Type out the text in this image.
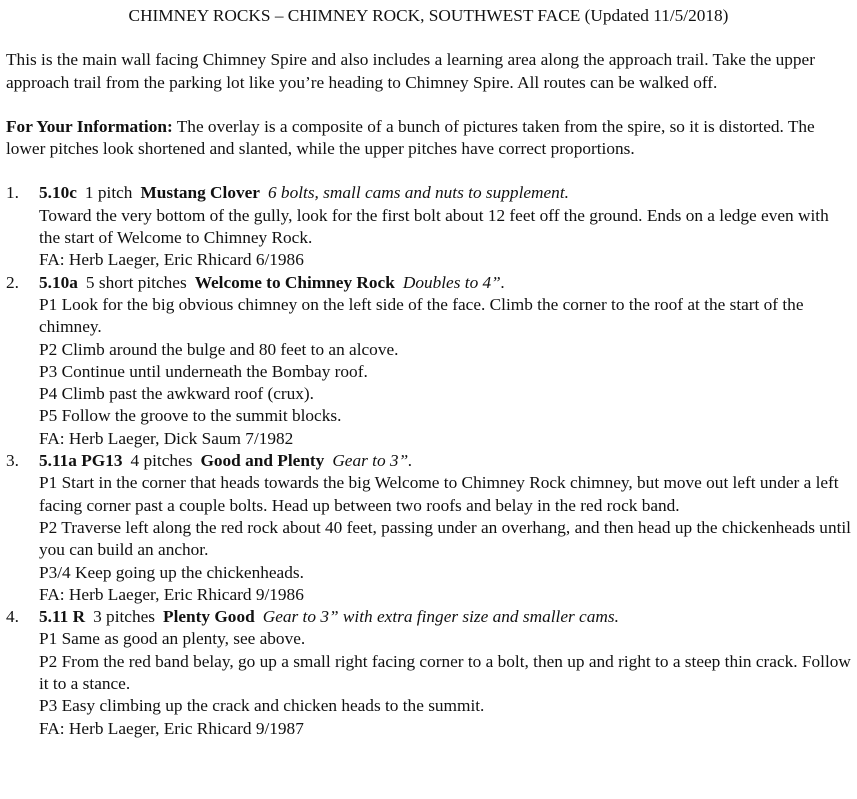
CHIMNEY ROCKS – CHIMNEY ROCK, SOUTHWEST FACE (Updated 11/5/2018)
This is the main wall facing Chimney Spire and also includes a learning area along the approach trail. Take the upper approach trail from the parking lot like you’re heading to Chimney Spire. All routes can be walked off.
For Your Information: The overlay is a composite of a bunch of pictures taken from the spire, so it is distorted. The lower pitches look shortened and slanted, while the upper pitches have correct proportions.
1.	5.10c 1 pitch Mustang Clover 6 bolts, small cams and nuts to supplement.
Toward the very bottom of the gully, look for the first bolt about 12 feet off the ground. Ends on a ledge even with the start of Welcome to Chimney Rock.
FA: Herb Laeger, Eric Rhicard 6/1986
2.	5.10a 5 short pitches Welcome to Chimney Rock Doubles to 4”.
P1 Look for the big obvious chimney on the left side of the face. Climb the corner to the roof at the start of the chimney.
P2 Climb around the bulge and 80 feet to an alcove.
P3 Continue until underneath the Bombay roof.
P4 Climb past the awkward roof (crux).
P5 Follow the groove to the summit blocks.
FA: Herb Laeger, Dick Saum 7/1982
3.	5.11a PG13 4 pitches Good and Plenty Gear to 3”.
P1 Start in the corner that heads towards the big Welcome to Chimney Rock chimney, but move out left under a left facing corner past a couple bolts. Head up between two roofs and belay in the red rock band.
P2 Traverse left along the red rock about 40 feet, passing under an overhang, and then head up the chickenheads until you can build an anchor.
P3/4 Keep going up the chickenheads.
FA: Herb Laeger, Eric Rhicard 9/1986
4.	5.11 R 3 pitches Plenty Good Gear to 3” with extra finger size and smaller cams.
P1 Same as good an plenty, see above.
P2 From the red band belay, go up a small right facing corner to a bolt, then up and right to a steep thin crack. Follow it to a stance.
P3 Easy climbing up the crack and chicken heads to the summit.
FA: Herb Laeger, Eric Rhicard 9/1987
